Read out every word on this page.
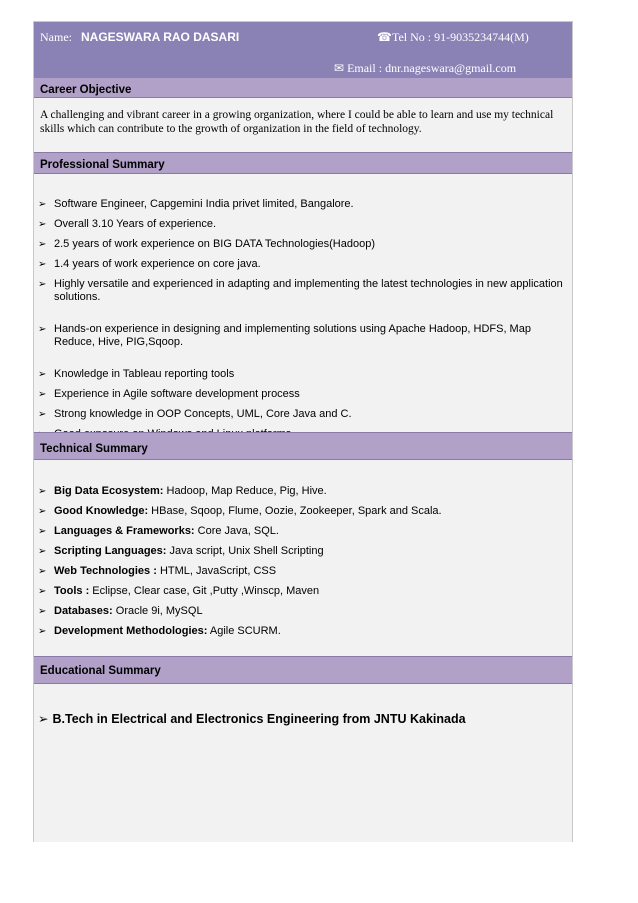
Name: NAGESWARA RAO DASARI	☎Tel No : 91-9035234744(M)
✉ Email : dnr.nageswara@gmail.com
Career Objective
A challenging and vibrant career in a growing organization, where I could be able to learn and use my technical skills which can contribute to the growth of organization in the field of technology.
Professional Summary
➢ Software Engineer, Capgemini India privet limited, Bangalore.
➢ Overall 3.10 Years of experience.
➢ 2.5 years of work experience on BIG DATA Technologies(Hadoop)
➢ 1.4 years of work experience on core java.
➢ Highly versatile and experienced in adapting and implementing the latest technologies in new application solutions.
➢ Hands-on experience in designing and implementing solutions using Apache Hadoop, HDFS, Map Reduce, Hive, PIG,Sqoop.
➢ Knowledge in Tableau reporting tools
➢ Experience in Agile software development process
➢ Strong knowledge in OOP Concepts, UML, Core Java and C.
Technical Summary
➢ Big Data Ecosystem: Hadoop, Map Reduce, Pig, Hive.
➢ Good Knowledge: HBase, Sqoop, Flume, Oozie, Zookeeper, Spark and Scala.
➢ Languages & Frameworks: Core Java, SQL.
➢ Scripting Languages: Java script, Unix Shell Scripting
➢ Web Technologies : HTML, JavaScript, CSS
➢ Tools : Eclipse, Clear case, Git ,Putty ,Winscp, Maven
➢ Databases: Oracle 9i, MySQL
➢ Development Methodologies: Agile SCURM.
Educational Summary
➢ B.Tech in Electrical and Electronics Engineering from JNTU Kakinada
